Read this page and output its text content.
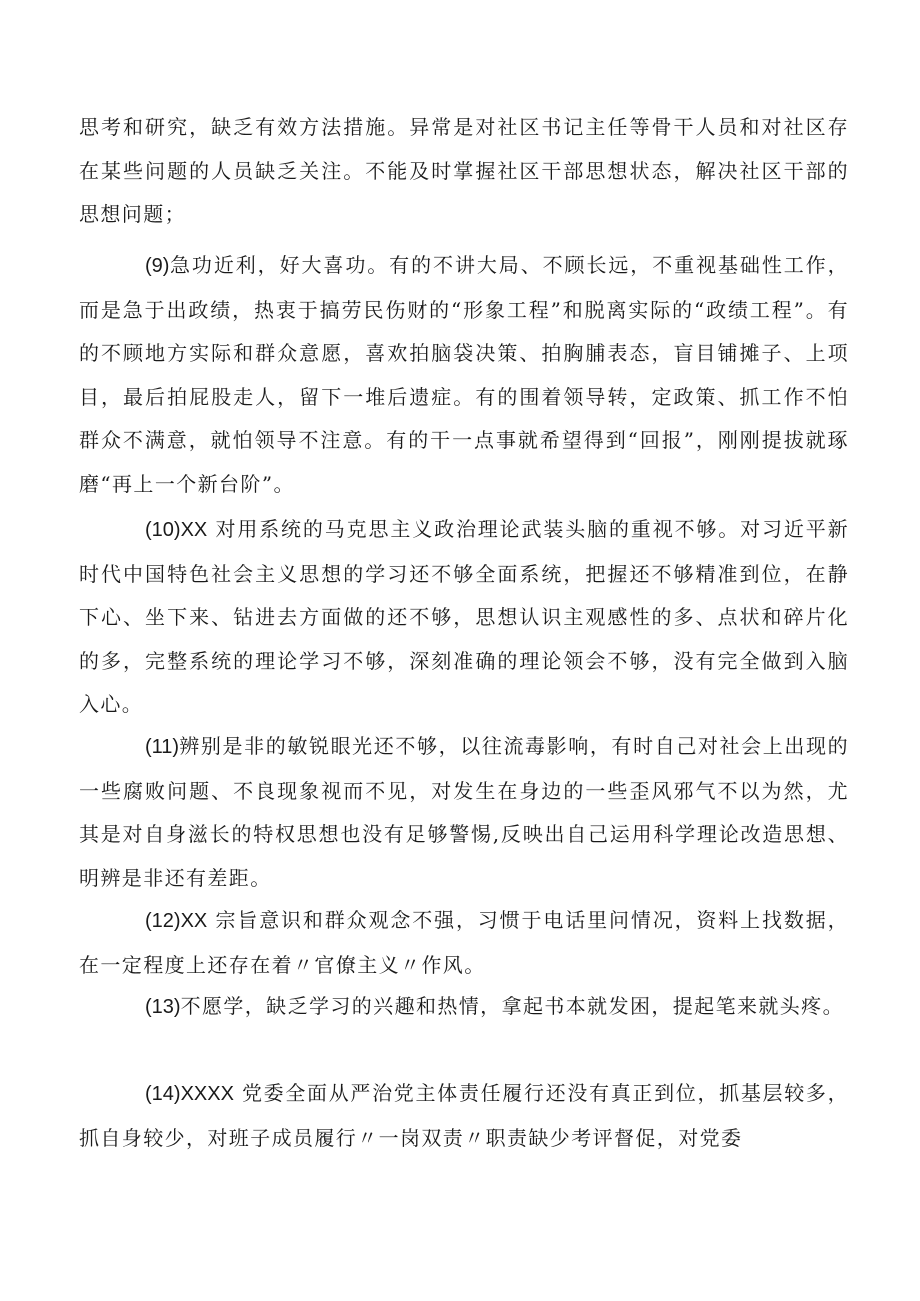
思考和研究，缺乏有效方法措施。异常是对社区书记主任等骨干人员和对社区存在某些问题的人员缺乏关注。不能及时掌握社区干部思想状态，解决社区干部的思想问题；

(9)急功近利，好大喜功。有的不讲大局、不顾长远，不重视基础性工作，而是急于出政绩，热衷于搞劳民伤财的“形象工程”和脱离实际的“政绩工程”。有的不顾地方实际和群众意愿，喜欢拍脑袋决策、拍胸脯表态，盲目铺摊子、上项目，最后拍屁股走人，留下一堆后遗症。有的围着领导转，定政策、抓工作不怕群众不满意，就怕领导不注意。有的干一点事就希望得到“回报”，刚刚提拔就琢磨“再上一个新台阶”。

(10)XX 对用系统的马克思主义政治理论武装头脑的重视不够。对习近平新时代中国特色社会主义思想的学习还不够全面系统，把握还不够精准到位，在静下心、坐下来、钻进去方面做的还不够，思想认识主观感性的多、点状和碎片化的多，完整系统的理论学习不够，深刻准确的理论领会不够，没有完全做到入脑入心。

(11)辨别是非的敏锐眼光还不够，以往流毒影响，有时自己对社会上出现的一些腐败问题、不良现象视而不见，对发生在身边的一些歪风邪气不以为然，尤其是对自身滋长的特权思想也没有足够警惕,反映出自己运用科学理论改造思想、明辨是非还有差距。

(12)XX 宗旨意识和群众观念不强，习惯于电话里问情况，资料上找数据，在一定程度上还存在着〃官僚主义〃作风。

(13)不愿学，缺乏学习的兴趣和热情，拿起书本就发困，提起笔来就头疼。

(14)XXXX 党委全面从严治党主体责任履行还没有真正到位，抓基层较多，抓自身较少，对班子成员履行〃一岗双责〃职责缺少考评督促，对党委
